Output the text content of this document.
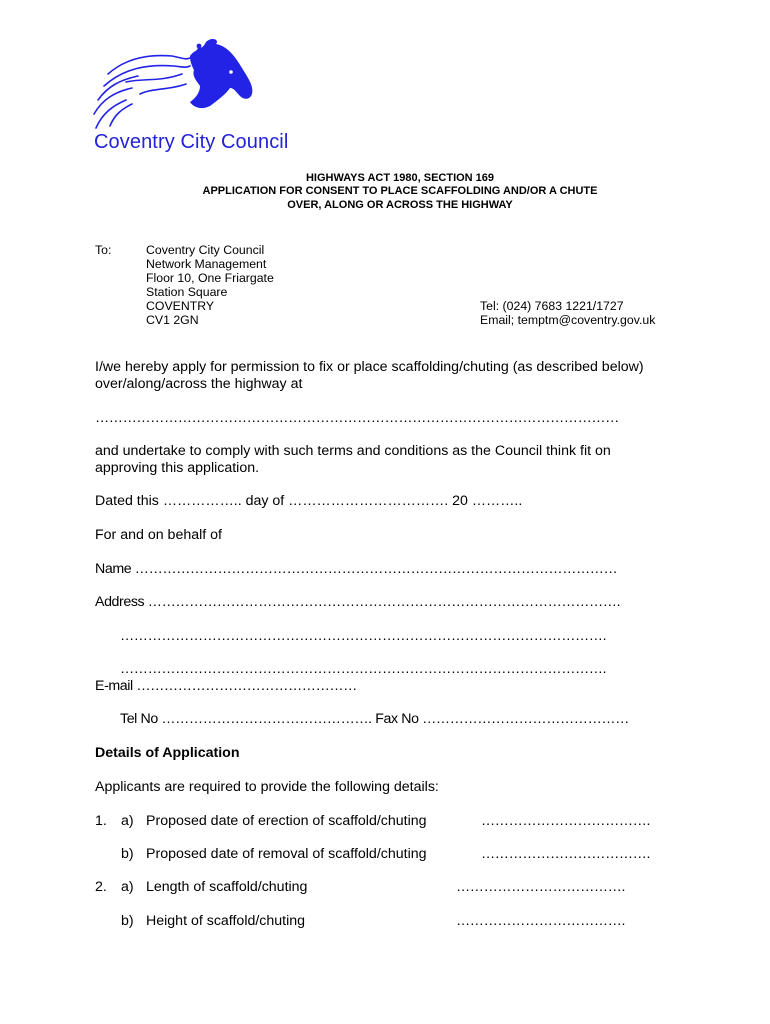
Coventry City Council
HIGHWAYS ACT 1980, SECTION 169
APPLICATION FOR CONSENT TO PLACE SCAFFOLDING AND/OR A CHUTE
OVER, ALONG OR ACROSS THE HIGHWAY
To:	Coventry City Council
Network Management
Floor 10, One Friargate
Station Square
COVENTRY
CV1 2GN
Tel: (024) 7683 1221/1727
Email; temptm@coventry.gov.uk
I/we hereby apply for permission to fix or place scaffolding/chuting (as described below)
over/along/across the highway at
……………………………………………………………………………………………………
and undertake to comply with such terms and conditions as the Council think fit on
approving this application.
Dated this …………….. day of ……………………………. 20 ………..
For and on behalf of
Name ……………………………………………………………………………………………
Address ………………………………………………………………………………………….
…………………………………………………………………………………………….
…………………………………………………………………………………………….
E-mail …………………………………………
Tel No ………………………………………. Fax No ………………………………………
Details of Application
Applicants are required to provide the following details:
1. a) Proposed date of erection of scaffold/chuting	……………………………….
b) Proposed date of removal of scaffold/chuting	……………………………….
2. a) Length of scaffold/chuting	……………………………….
b) Height of scaffold/chuting	……………………………….
